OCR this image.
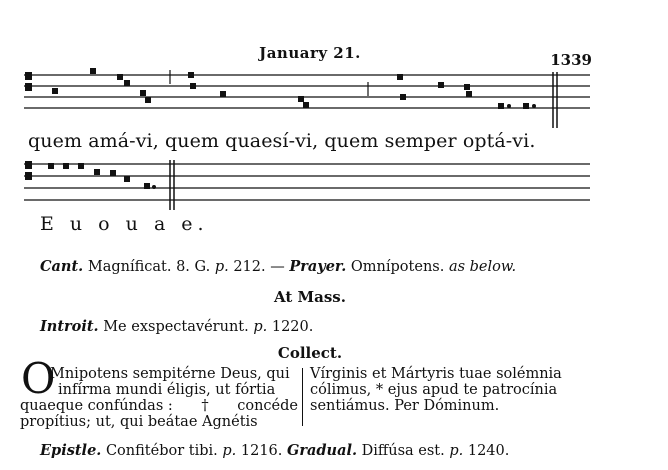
January 21.	1339
quem amá-vi, quem quaesí-vi, quem semper optá-vi.
E u o u a e.
Cant. Magníficat. 8. G. p. 212. — Prayer. Omnípotens. as below.
At Mass.
Introit. Me exspectavérunt. p. 1220.
Collect.
O
Mnipotens sempitérne Deus, qui
infírma mundi éligis, ut fórtia
quaeque confúndas : † concéde
propítius; ut, qui beátae Agnétis
Vírginis et Mártyris tuae solémnia
cólimus, * ejus apud te patrocínia
sentiámus. Per Dóminum.
Epistle. Confitébor tibi. p. 1216. Gradual. Diffúsa est. p. 1240.
